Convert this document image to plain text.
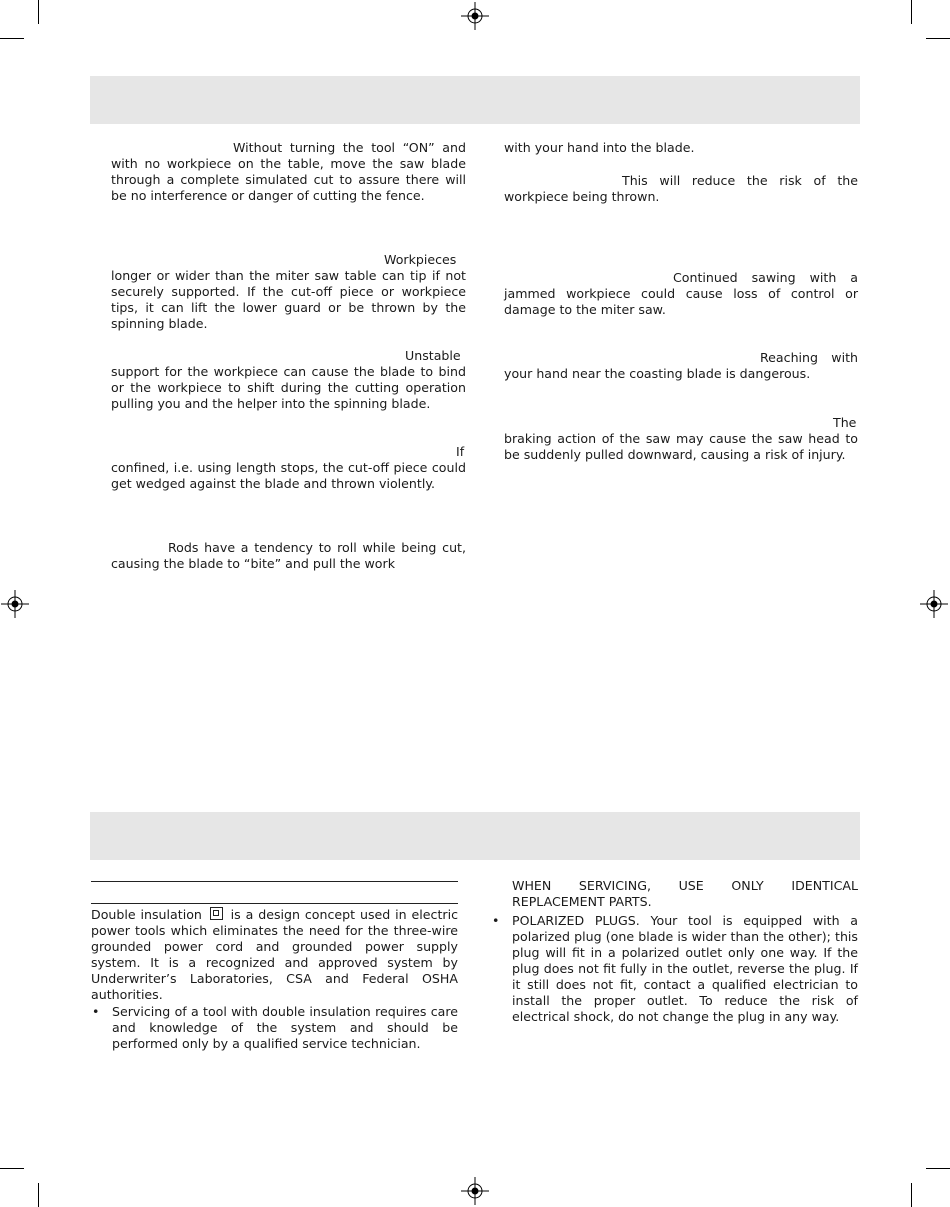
Without turning the tool “ON” and with no workpiece on the table, move the saw blade through a complete simulated cut to assure there will be no interference or danger of cutting the fence.

Workpieces longer or wider than the miter saw table can tip if not securely supported. If the cut-off piece or workpiece tips, it can lift the lower guard or be thrown by the spinning blade.

Unstable support for the workpiece can cause the blade to bind or the workpiece to shift during the cutting operation pulling you and the helper into the spinning blade.

If confined, i.e. using length stops, the cut-off piece could get wedged against the blade and thrown violently.

Rods have a tendency to roll while being cut, causing the blade to “bite” and pull the work

with your hand into the blade.

This will reduce the risk of the workpiece being thrown.

Continued sawing with a jammed workpiece could cause loss of control or damage to the miter saw.

Reaching with your hand near the coasting blade is dangerous.

The braking action of the saw may cause the saw head to be suddenly pulled downward, causing a risk of injury.

Double insulation is a design concept used in electric power tools which eliminates the need for the three-wire grounded power cord and grounded power supply system. It is a recognized and approved system by Underwriter’s Laboratories, CSA and Federal OSHA authorities.

• Servicing of a tool with double insulation requires care and knowledge of the system and should be performed only by a qualified service technician.

WHEN SERVICING, USE ONLY IDENTICAL REPLACEMENT PARTS.

• POLARIZED PLUGS. Your tool is equipped with a polarized plug (one blade is wider than the other); this plug will fit in a polarized outlet only one way. If the plug does not fit fully in the outlet, reverse the plug. If it still does not fit, contact a qualified electrician to install the proper outlet. To reduce the risk of electrical shock, do not change the plug in any way.
